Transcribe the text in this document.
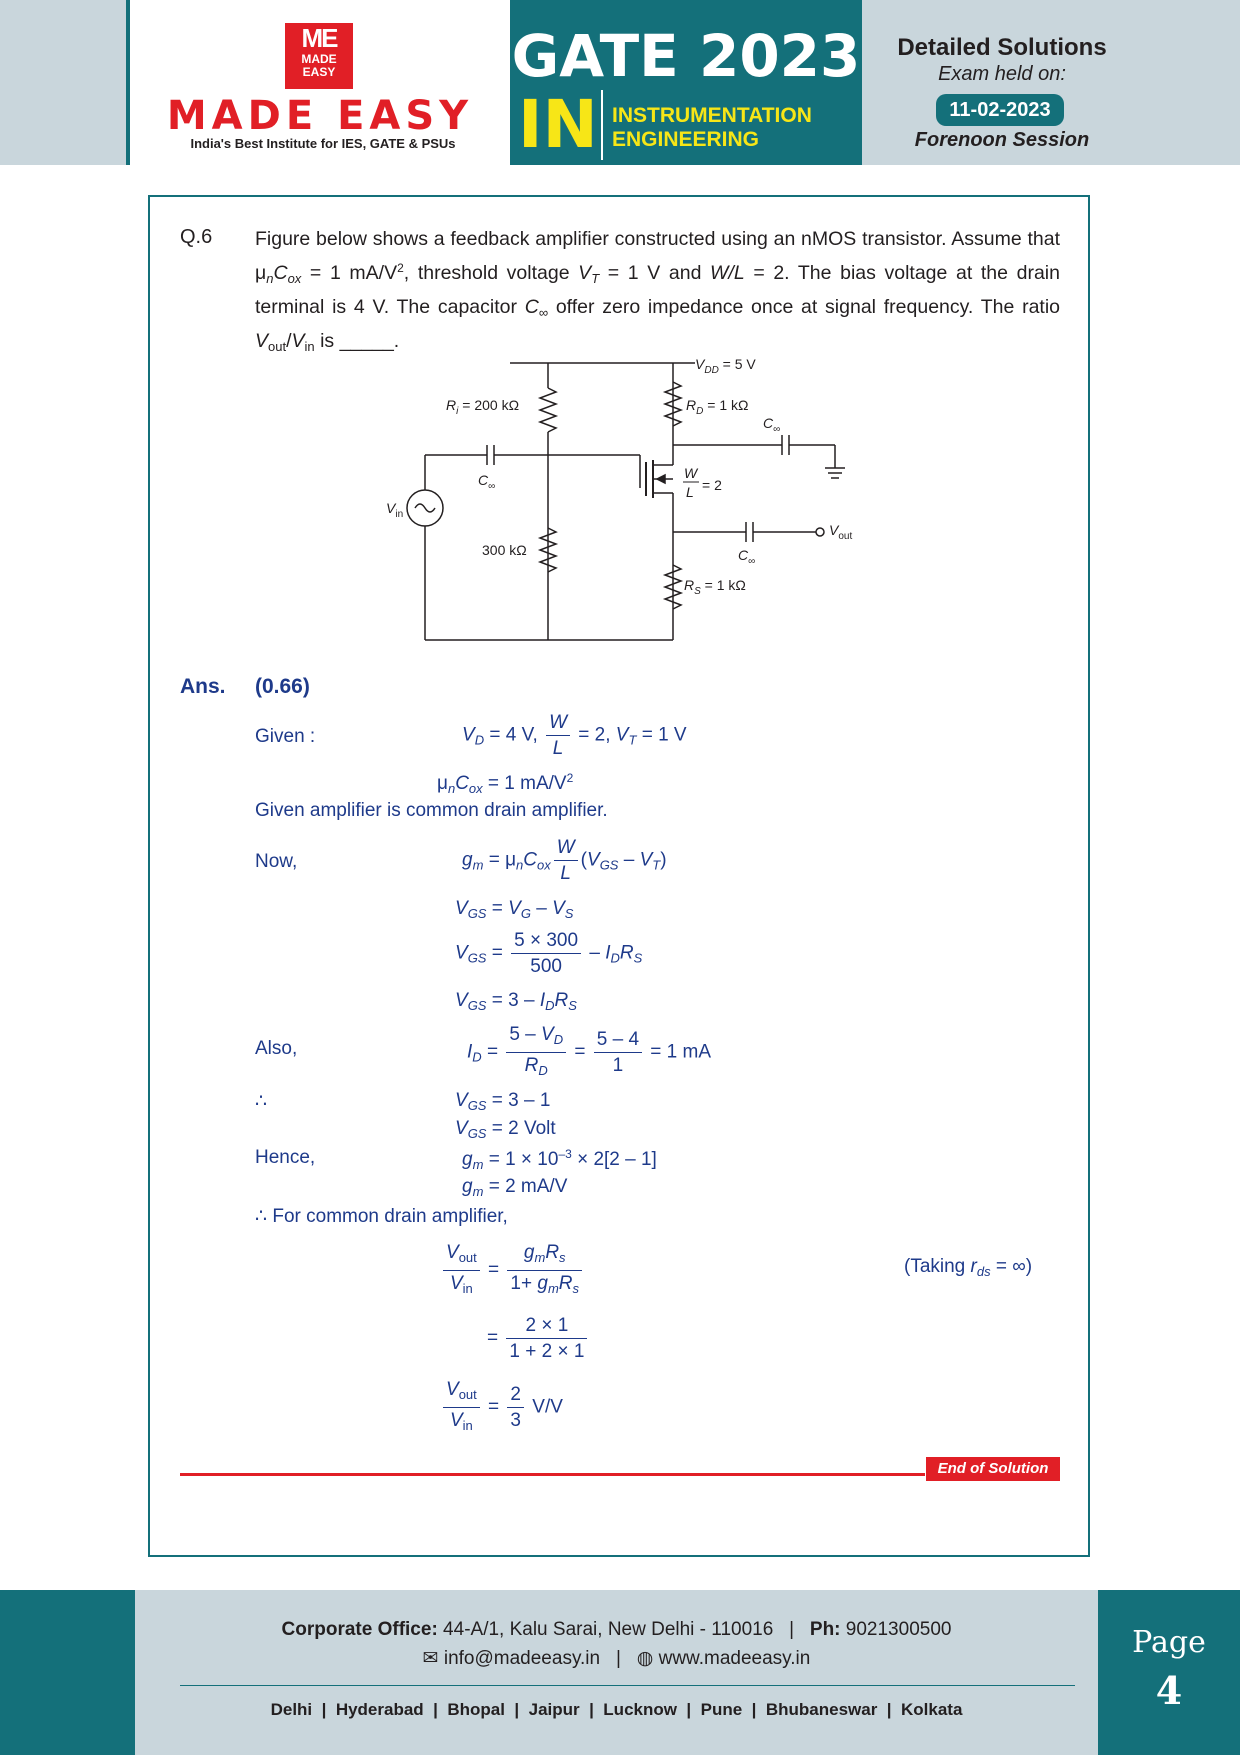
ME
MADE EASY
MADE EASY
India's Best Institute for IES, GATE & PSUs
GATE 2023
IN INSTRUMENTATION
ENGINEERING
Detailed Solutions
Exam held on:
11-02-2023
Forenoon Session
Q.6 Figure below shows a feedback amplifier constructed using an nMOS transistor. Assume that $\mu_nC_{ox} = 1$ $mA/V^2$, threshold voltage $V_T = 1$ V and W/L = 2. The bias voltage at the drain terminal is 4 V. The capacitor $C_\infty$ offer zero impedance once at signal frequency. The ratio $V_{out}/V_{in}$ is _____.
$V_{DD} = 5$ V
$R_i = 200$ kΩ	$R_D = 1$ kΩ
$C_\infty$
$C_\infty$
W
L = 2
300 kΩ
$V_{in}$
$V_{out}$
$C_\infty$
$R_S = 1$ kΩ
Ans. (0.66)
Given :	$V_D = 4$ V, $\frac{W}{L} = 2$, $V_T = 1$ V
$\mu_nC_{ox} = 1$ $mA/V^2$
Given amplifier is common drain amplifier.
Now,	$g_m = \mu_nC_{ox} \frac{W}{L} (V_{GS} - V_T)$
$V_{GS} = V_G - V_S$
$V_{GS} = \frac{5 \times 300}{500} - I_DR_S$
$V_{GS} = 3 - I_DR_S$
Also,	$I_D = \frac{5 - V_D}{R_D} = \frac{5 - 4}{1} = 1$ mA
∴	$V_{GS} = 3 - 1$
$V_{GS} = 2$ Volt
Hence,	$g_m = 1 \times 10^{-3} \times 2[2 - 1]$
$g_m = 2$ mA/V
∴ For common drain amplifier,
$\frac{V_{out}}{V_{in}} = \frac{g_mR_s}{1+ g_mR_s}$	(Taking $r_{ds}$ = ∞)
= $\frac{2 \times 1}{1 + 2 \times 1}$
$\frac{V_{out}}{V_{in}} = \frac{2}{3} V/V$
End of Solution
Page
4
Corporate Office: 44-A/1, Kalu Sarai, New Delhi - 110016 | Ph: 9021300500
✉ info@madeeasy.in | ◍ www.madeeasy.in
Delhi  |  Hyderabad  |  Bhopal  |  Jaipur  |  Lucknow  |  Pune  |  Bhubaneswar  |  Kolkata
